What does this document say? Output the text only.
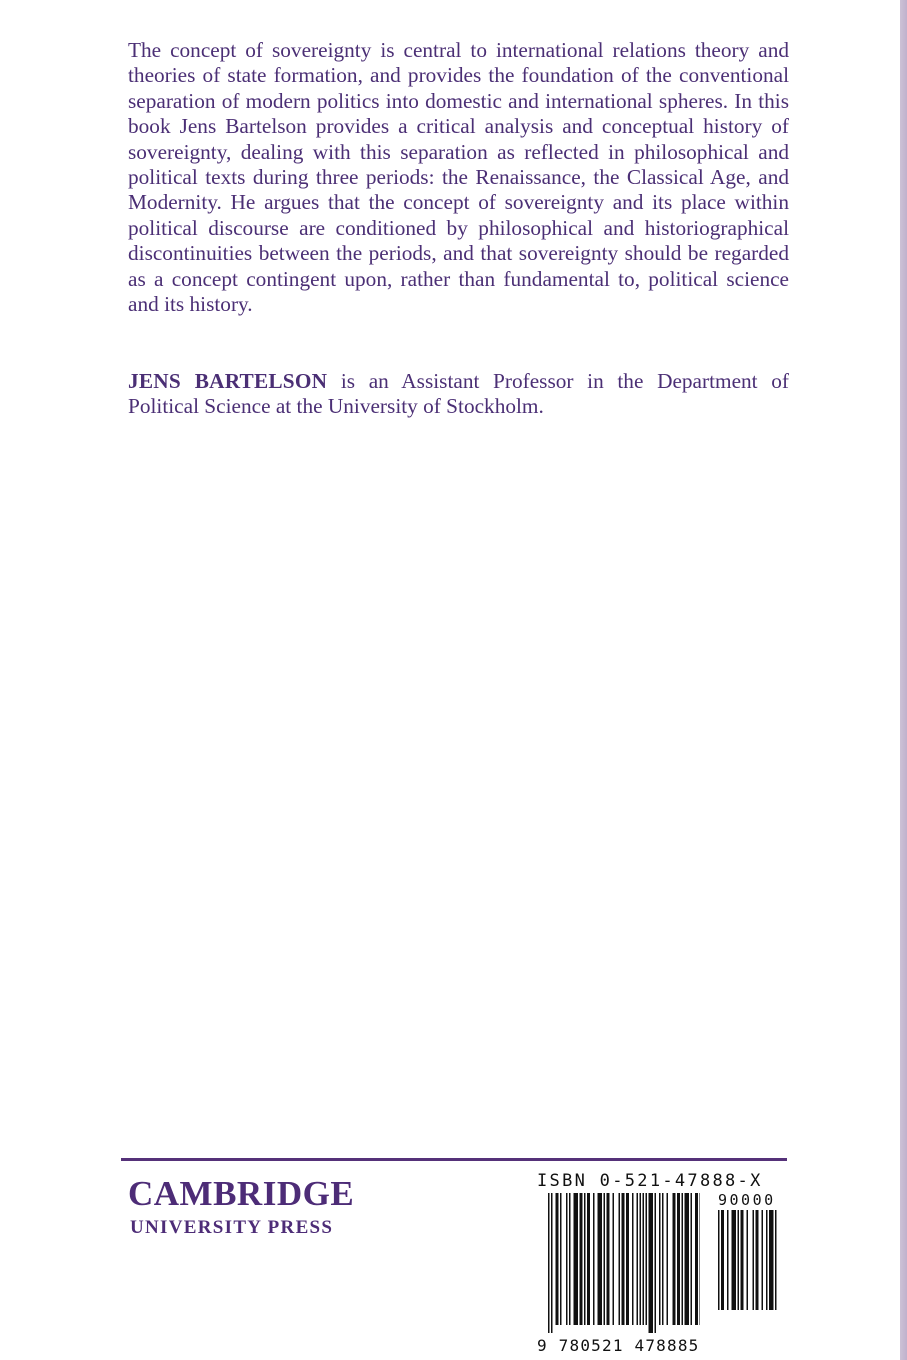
The concept of sovereignty is central to international relations theory and theories of state formation, and provides the foundation of the conventional separation of modern politics into domestic and international spheres. In this book Jens Bartelson provides a critical analysis and conceptual history of sovereignty, dealing with this separation as reflected in philosophical and political texts during three periods: the Renaissance, the Classical Age, and Modernity. He argues that the concept of sovereignty and its place within political discourse are conditioned by philosophical and historiographical discontinuities between the periods, and that sovereignty should be regarded as a concept contingent upon, rather than fundamental to, political science and its history.

JENS BARTELSON is an Assistant Professor in the Department of Political Science at the University of Stockholm.

CAMBRIDGE
UNIVERSITY PRESS
ISBN 0-521-47888-X
9 780521 478885
90000
